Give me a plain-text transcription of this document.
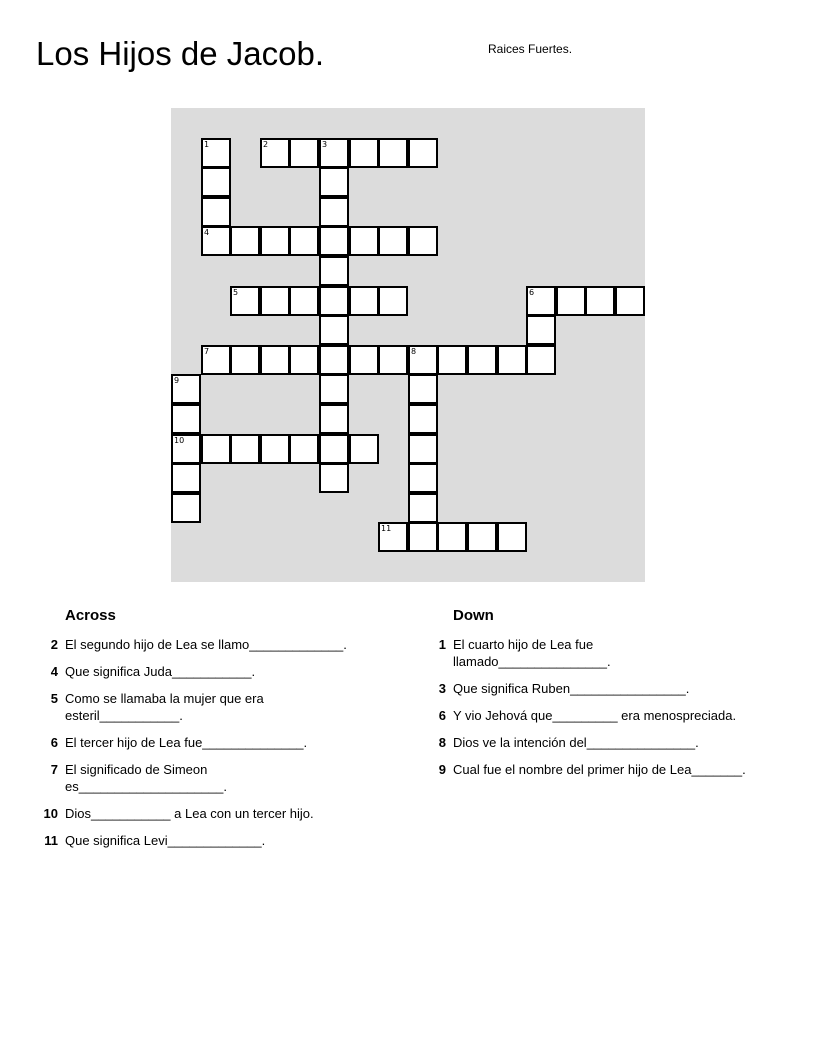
Los Hijos de Jacob.	Raices Fuertes.
1	2	3
4
5	6
7	8
9
10
11
Across
2 El segundo hijo de Lea se llamo_____________.
4 Que significa Juda___________.
5 Como se llamaba la mujer que era esteril___________.
6 El tercer hijo de Lea fue______________.
7 El significado de Simeon es____________________.
10 Dios___________ a Lea con un tercer hijo.
11 Que significa Levi_____________.
Down
1 El cuarto hijo de Lea fue llamado_______________.
3 Que significa Ruben________________.
6 Y vio Jehová que_________ era menospreciada.
8 Dios ve la intención del_______________.
9 Cual fue el nombre del primer hijo de Lea_______.
